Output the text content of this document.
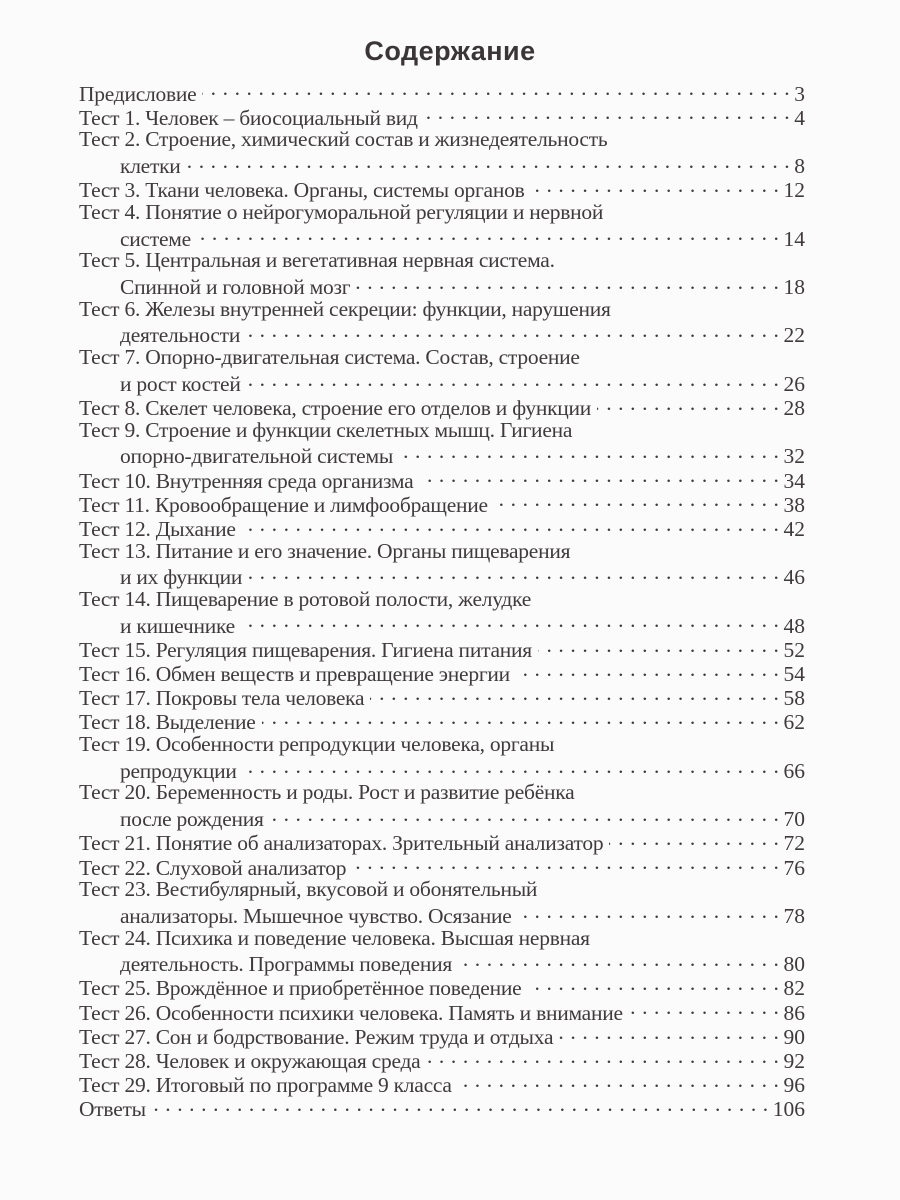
Содержание
Предисловие . . .	3
Тест 1. Человек – биосоциальный вид . . .	4
Тест 2. Строение, химический состав и жизнедеятельность
клетки . . .	8
Тест 3. Ткани человека. Органы, системы органов . . .	12
Тест 4. Понятие о нейрогуморальной регуляции и нервной
системе . . .	14
Тест 5. Центральная и вегетативная нервная система.
Спинной и головной мозг . . .	18
Тест 6. Железы внутренней секреции: функции, нарушения
деятельности . . .	22
Тест 7. Опорно-двигательная система. Состав, строение
и рост костей . . .	26
Тест 8. Скелет человека, строение его отделов и функции . . .	28
Тест 9. Строение и функции скелетных мышц. Гигиена
опорно-двигательной системы . . .	32
Тест 10. Внутренняя среда организма . . .	34
Тест 11. Кровообращение и лимфообращение . . .	38
Тест 12. Дыхание . . .	42
Тест 13. Питание и его значение. Органы пищеварения
и их функции . . .	46
Тест 14. Пищеварение в ротовой полости, желудке
и кишечнике . . .	48
Тест 15. Регуляция пищеварения. Гигиена питания . . .	52
Тест 16. Обмен веществ и превращение энергии . . .	54
Тест 17. Покровы тела человека . . .	58
Тест 18. Выделение . . .	62
Тест 19. Особенности репродукции человека, органы
репродукции . . .	66
Тест 20. Беременность и роды. Рост и развитие ребёнка
после рождения . . .	70
Тест 21. Понятие об анализаторах. Зрительный анализатор . . .	72
Тест 22. Слуховой анализатор . . .	76
Тест 23. Вестибулярный, вкусовой и обонятельный
анализаторы. Мышечное чувство. Осязание . . .	78
Тест 24. Психика и поведение человека. Высшая нервная
деятельность. Программы поведения . . .	80
Тест 25. Врождённое и приобретённое поведение . . .	82
Тест 26. Особенности психики человека. Память и внимание . . .	86
Тест 27. Сон и бодрствование. Режим труда и отдыха . . .	90
Тест 28. Человек и окружающая среда . . .	92
Тест 29. Итоговый по программе 9 класса . . .	96
Ответы . . .	106
